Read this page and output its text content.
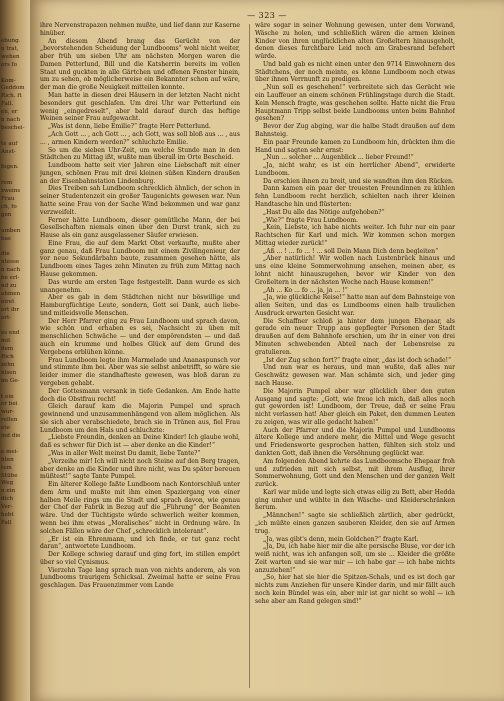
ebung.
u trat,
wehen
ers fo
Kom-
Geddom
Rich. ft
Fall.
en, er
n nach
beschei-
te auf
Anst-
fogen.
rem
zweins
Frau
ch, fo
gen
umben
bas
die
ntesse
n nach
be erl-
nd zu
ahmen
eiret
ert ibr
ert-
es end
mit
dem
Rich
zehn
nisen
im Ge-
t ein
er bei
wur-
rellen
ete
ind die
e mei-
hten
tem
Stübe
Weg
n ein
dich
Ver-
hebt
Fall
— 323 —

ihre Nervenstrapazen nehmen mußte, und lief dann zur Kaserne hinüber.

An diesem Abend brang das Gerücht von der „bevorstehenden Scheidung der Lundbooms“ wohl nicht weiter, aber früh um sieben Uhr am nächsten Morgen waren die Damen Petterlund, Bill und die Katsherrin bereits im vollen Staat und guckten in alle Gärtchen und offenen Fenster hinein, um zu sehen, ob möglicherweise ein Bekannter schon auf wäre, der man die große Neuigkeit mitteilen konnte.

Man hatte in diesen drei Häusern in der letzten Nacht nicht besonders gut geschlafen. Um drei Uhr war Petterlund ein wenig „eingedreselt“, aber bald darauf durch das heftige Weinen seiner Frau aufgewacht.

„Was ist denn, liebe Emilie?“ fragte Herr Petterlund.

„Ach Gott ... , ach Gott ... , ach Gott, was soll bloß aus ... , aus ... , armen Kindern werden?“ schluchzte Emilie.

So um die sieben Uhr-Zeit, um welche Stunde man in den Städtchen zu Mittag ißt, wußte man überall im Orte Bescheid.

Lundboom hatte seit vier Jahren eine Liebschaft mit einer jungen, schönen Frau mit drei kleinen süßen Kindern draußen an der Eisenbahnstation Lindenburg.

Dies Treiben sah Lundboom schrecklich ähnlich, der schon in seiner Studentenzeit ein großer Taugenichts gewesen war. Nun hatte seine Frau von der Sache Wind bekommen und war ganz verzweifelt.

Ferner hätte Lundboom, dieser gemütliche Mann, der bei Gesellschaften niemals einen über den Durst trank, sich zu Hause als ein ganz ausgelassener Säufer erwiesen.

Eine Frau, die auf dem Markt Obst verkaufte, mußte aber ganz genau, daß Frau Lundboom mit einem Zivilingenieur, der vor neue Sekundärbahn baute, zusammen gesehen hätte, als Lundboom eines Tages zehn Minuten zu früh zum Mittag nach Hause gekommen.

Das wurde am ersten Tage festgestellt. Dann wurde es sich unangenehm.

Aber es gab in dem Städtchen nicht nur böswillige und Hamburgfüchtige Leute, sondern, Gott sei Dank, auch liebe- und mitleidsvolle Menschen.

Der Herr Pfarrer ging zu Frau Lundboom und sprach davon, wie schön und erhaben es sei, Nachsicht zu üben mit menschlichen Schwäche — und der empörendsten — und daß auch ein krumme und holbes Glück auf dem Grund des Vergebens erblühen könne.

Frau Lundboom legte ihm Marmelade und Ananaspunsch vor und stimmte ihm bei. Aber was sie selbst anbetrifft, so wäre sie leider immer die standhafteste gewesen, was bloß daran zu vergeben gehabt.

Der Gottesmann versank in tiefe Gedanken. Am Ende hatte doch die Obstfrau recht!

Gleich darauf kam die Majorin Pumpel und sprach gewinnend und unzusammenhängend von allem möglichen. Als sie sich aber verabschiedete, brach sie in Tränen aus, fiel Frau Lundboom um den Hals und schluchzte:

„Liebste Freundin, denken an Deine Kinder! Ich glaube wohl, daß es schwer für Dich ist — aber denke an die Kinder!“

„Was in aller Welt meinst Du damit, liebe Tante?“

„Verzeihe mir! Ich will nicht noch Steine auf den Berg tragen, aber denke an die Kinder und ihre nicht, was Du später bereuen müßtest!“ sagte Tante Pumpel.

Ein älterer Kollege faßte Lundboom nach Kontorschluß unter dem Arm und mußte mit ihm einen Spaziergang von einer halben Meile rings um die Stadt und sprach davon, wie genau der Chef der Fabrik in Bezug auf die „Führung“ der Beamten wäre. Und der Tüchtigste würde schwerlich weiter kommen, wenn bei ihm etwas „Moralisches“ nicht in Ordnung wäre. In solchen Fällen wäre der Chef „schrecklich intolerant“.

„Er ist ein Ehrenmann, und ich finde, er tut ganz recht daran“, antwortete Lundboom.

Der Kollege schwieg darauf und ging fort, im stillen empört über so viel Cynismus.

Vierzehn Tage lang sprach man von nichts anderem, als von Lundbooms traurigem Schicksal. Zweimal hatte er seine Frau geschlagen. Das Frauenzimmer vom Lande

wäre sogar in seiner Wohnung gewesen, unter dem Vorwand, Wäsche zu holen, und schließlich wären die armen kleinen Kinder von ihren unglücklichen alten Großeltern hinausgeholt, denen dieses furchtbare Leid noch am Grabesrand befehert würde.

Und bald gab es nicht einen unter den 9714 Einwohnern des Städtchens, der noch meinte, es könne Lundboom noch etwas über ihnen Verrnunft zu predigen.

„Nun soll es geschehen!“ verbreitete sich das Gerücht wie ein Lauffeuer an einem schönen Frühlingstage durch die Stadt. Kein Mensch fragte, was geschehen sollte. Hatte nicht die Frau Hauptmann Tripp selbst beide Lundbooms unten beim Bahnhof gesehen?

Bevor der Zug abging, war die halbe Stadt draußen auf dem Bahnsteig.

Ein paar Freunde kamen zu Lundboom hin, drückten ihm die Hand und sagten sehr ernst:

„Nun ... solcher ... Augenblick ... lieber Freund!“

„Ja, nicht wahr, es ist ein herrlicher Abend“, erwiderte Lundboom.

Da erschien ihnen zu breit, und sie wandten ihm den Rücken.

Dann kamen ein paar der treuesten Freundinnen zu kühlen fehn Lundboom recht herzlich, schielten nach ihrer kleinen Handtasche hin und flüsterten:

„Hast Du alle das Nötige aufgehoben?“

„Wie?“ fragte Frau Lundboom.

„Kein, Liebste, ich habe nichts weiter. Ich fuhr nur ein paar Rachtschen für Karl und mich. Wir kommen schon morgen Mittag wieder zurück!“

„Aß ... ! ... fo ... ! ... soll Dein Mann Dich denn begleiten“

„Aber natürlich! Wir wollen nach Lustenbrück hinaus und uns eine kleine Sommerwohnung ansehen, meinen aber, es lohnt nicht hinauszugehen, bevor wir Kinder von den Großeltern in der nächsten Woche nach Hause kommen!“

„Ah ... Ko ... fo ... ja, ja ... !“

„Ja, wie glückliche Reise!“ hatte man auf dem Bahnsteige von allen Seiten, und das es Lundbooms einen halb traulichen Ausdruck erwarten Gesicht war.

Die Schaffner schloß ja hinter dem jungen Ehepaar, als gerade ein neuer Trupp aus gepflegter Personen der Stadt draußen auf dem Bahnhofe erschien, um ihr in einer von drei Minuten schwebenden Abteil nach der Lebensreise zu gratulieren.

„Ist der Zug schon fort?“ fragte einer, „das ist doch schade!“

Und nun war es heraus, und man wußte, daß alles nur Geschwätz gewesen war. Man schämte sich, und jeder ging nach Hause.

Die Majorin Pumpel aber war glücklich über den guten Ausgang und sagte: „Gott, wie freue ich mich, daß alles noch gut geworden ist! Lundboom, der Treue, daß er seine Frau nicht verlassen hat! Aber gleich ein Paket, den dummen Leuten zu zeigen, was wir alle gedacht haben!“

Auch der Pfarrer und die Majorin Pumpel und Lundbooms ältere Kollege und andere mehr, die Mittel und Wege gesucht und Friedensworte gesprochen hatten, fühlten sich stolz und dankten Gott, daß ihnen die Versöhnung geglückt war.

Am folgenden Abend kehrte das Lundboomsche Ehepaar froh und zufrieden mit sich selbst, mit ihrem Ausflug, ihrer Sommerwohnung, Gott und den Menschen und der ganzen Welt zurück.

Karl war müde und legte sich etwas eilig zu Bett, aber Hedda ging umher und wühlte in den Wäsche- und Kleiderschränken herum.

„Männchen!“ sagte sie schließlich zärtlich, aber gedrückt, „ich müßte einen ganzen sauberen Kleider, den sie auf Armen trug.

„Ja, was gibt's denn, mein Goldchen?“ fragte Karl.

„Ja, Du, ich habe hier mir die alte persische Bluse, vor der ich weiß nicht, was ich anfangen soll, um sie ... Kleider die größte Zeit warten und sie war mir — ich habe gar — ich habe nichts anzuziehen!“

„So, hier hat sie hier die Spitzen-Schals, und es ist doch gar nichts zum Anziehen für unsere Kinder darin, und mir fällt auch noch kein Bündel was ein, aber mir ist gar nicht so wohl — ich sehe aber am Rand gelegen sind!“
